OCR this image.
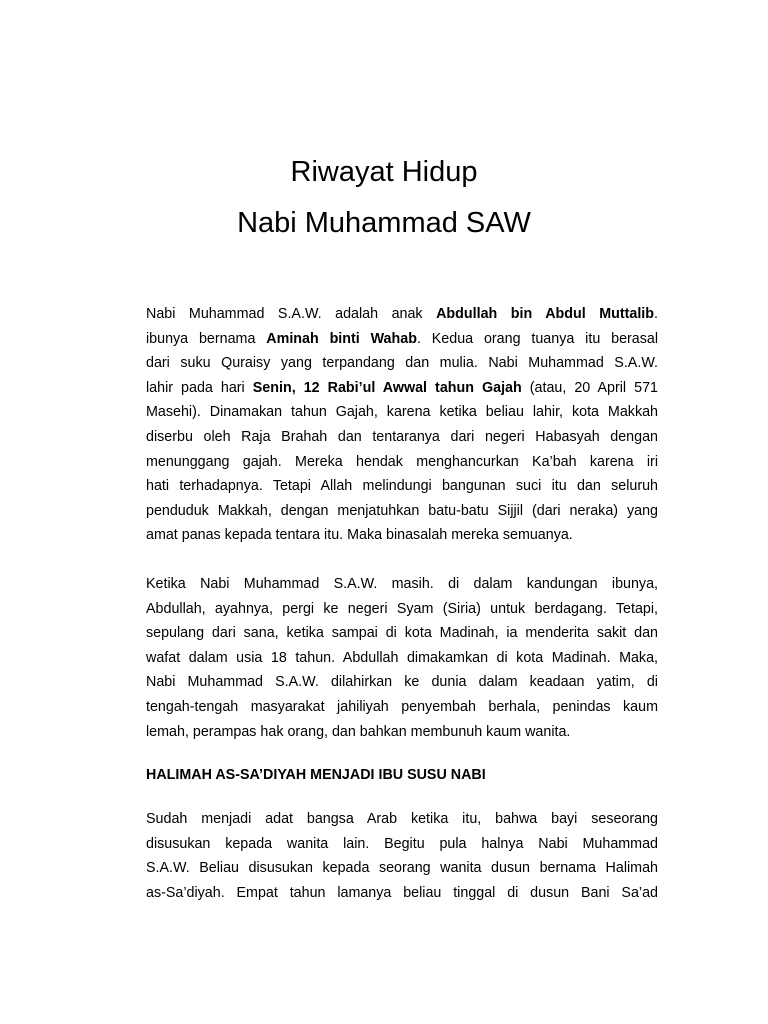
Riwayat Hidup
Nabi Muhammad SAW
Nabi Muhammad S.A.W. adalah anak Abdullah bin Abdul Muttalib.
ibunya bernama Aminah binti Wahab. Kedua orang tuanya itu berasal
dari suku Quraisy yang terpandang dan mulia. Nabi Muhammad S.A.W.
lahir pada hari Senin, 12 Rabi’ul Awwal tahun Gajah (atau, 20 April 571
Masehi). Dinamakan tahun Gajah, karena ketika beliau lahir, kota Makkah
diserbu oleh Raja Brahah dan tentaranya dari negeri Habasyah dengan
menunggang gajah. Mereka hendak menghancurkan Ka’bah karena iri
hati terhadapnya. Tetapi Allah melindungi bangunan suci itu dan seluruh
penduduk Makkah, dengan menjatuhkan batu-batu Sijjil (dari neraka) yang
amat panas kepada tentara itu. Maka binasalah mereka semuanya.
Ketika Nabi Muhammad S.A.W. masih. di dalam kandungan ibunya,
Abdullah, ayahnya, pergi ke negeri Syam (Siria) untuk berdagang. Tetapi,
sepulang dari sana, ketika sampai di kota Madinah, ia menderita sakit dan
wafat dalam usia 18 tahun. Abdullah dimakamkan di kota Madinah. Maka,
Nabi Muhammad S.A.W. dilahirkan ke dunia dalam keadaan yatim, di
tengah-tengah masyarakat jahiliyah penyembah berhala, penindas kaum
lemah, perampas hak orang, dan bahkan membunuh kaum wanita.
HALIMAH AS-SA’DIYAH MENJADI IBU SUSU NABI
Sudah menjadi adat bangsa Arab ketika itu, bahwa bayi seseorang
disusukan kepada wanita lain. Begitu pula halnya Nabi Muhammad
S.A.W. Beliau disusukan kepada seorang wanita dusun bernama Halimah
as-Sa’diyah. Empat tahun lamanya beliau tinggal di dusun Bani Sa’ad
